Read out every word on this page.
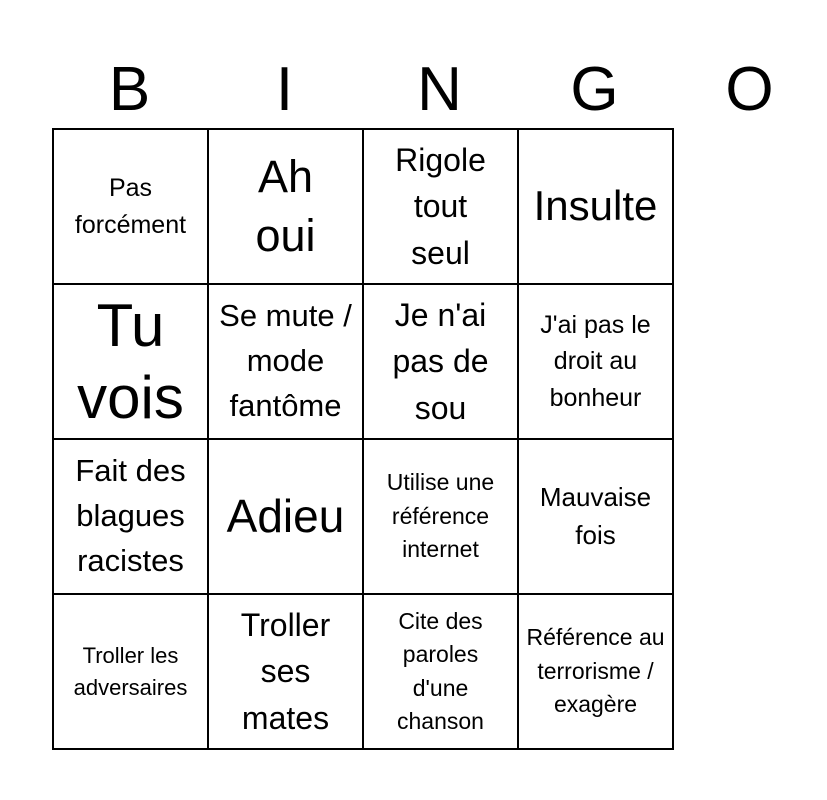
B	I	N	G	O
Pas forcément
Ah oui
Rigole tout seul
Insulte
Tu vois
Se mute / mode fantôme
Je n'ai pas de sou
J'ai pas le droit au bonheur
Fait des blagues racistes
Adieu
Utilise une référence internet
Mauvaise fois
Troller les adversaires
Troller ses mates
Cite des paroles d'une chanson
Référence au terrorisme / exagère
